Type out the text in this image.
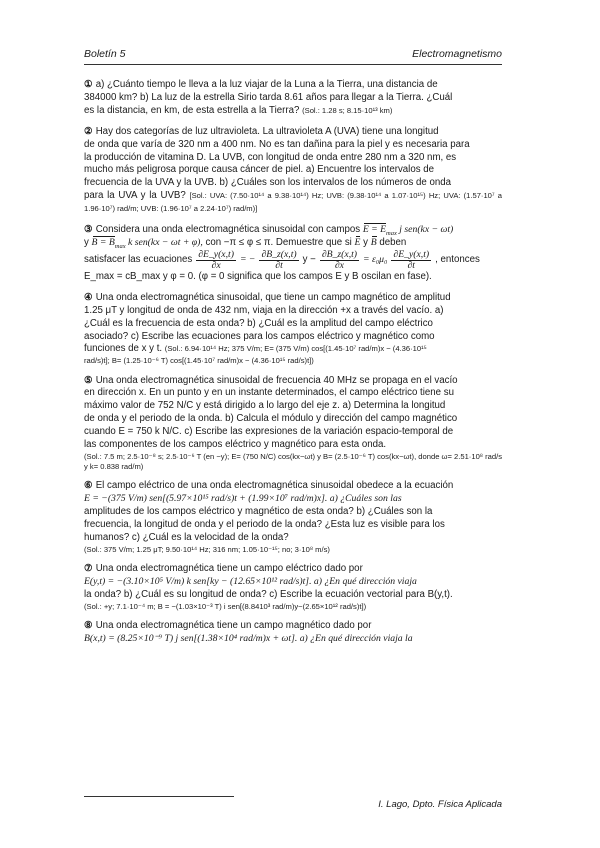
Boletín 5	Electromagnetismo
① a) ¿Cuánto tiempo le lleva a la luz viajar de la Luna a la Tierra, una distancia de
384000 km? b) La luz de la estrella Sirio tarda 8.61 años para llegar a la Tierra. ¿Cuál
es la distancia, en km, de esta estrella a la Tierra? (Sol.: 1.28 s; 8.15·10¹³ km)
② Hay dos categorías de luz ultravioleta. La ultravioleta A (UVA) tiene una longitud
de onda que varía de 320 nm a 400 nm. No es tan dañina para la piel y es necesaria para
la producción de vitamina D. La UVB, con longitud de onda entre 280 nm a 320 nm, es
mucho más peligrosa porque causa cáncer de piel. a) Encuentre los intervalos de
frecuencia de la UVA y la UVB. b) ¿Cuáles son los intervalos de los números de onda
para la UVA y la UVB? [Sol.: UVA: (7.50·10¹⁴ a 9.38·10¹⁴) Hz; UVB: (9.38·10¹⁴ a 1.07·10¹⁵) Hz; UVA: (1.57·10⁷ a 1.96·10⁷) rad/m; UVB: (1.96·10⁷ a 2.24·10⁷) rad/m)]
③ Considera una onda electromagnética sinusoidal con campos $E = E_{max}$ j sen(kx − ωt)
y $B = B_{max}$ k sen(kx − ωt + φ), con −π ≤ φ ≤ π. Demuestre que si E y B deben
satisfacer las ecuaciones $\frac{\partial E\_y(x,t)}{\partial x}$ = − $\frac{\partial B\_z(x,t)}{\partial t}$ $y - \frac{\partial B\_z(x,t)}{\partial x} = \varepsilon_0\mu_0 \frac{\partial E\_y(x,t)}{\partial t}$ , entonces
E_max = cB_max y φ = 0. (φ = 0 significa que los campos E y B oscilan en fase).
④ Una onda electromagnética sinusoidal, que tiene un campo magnético de amplitud
1.25 μT y longitud de onda de 432 nm, viaja en la dirección +x a través del vacío. a)
¿Cuál es la frecuencia de esta onda? b) ¿Cuál es la amplitud del campo eléctrico
asociado? c) Escribe las ecuaciones para los campos eléctrico y magnético como
funciones de x y t. (Sol.: 6.94·10¹⁴ Hz; 375 V/m; E= (375 V/m) cos[(1.45·10⁷ rad/m)x − (4.36·10¹⁵
rad/s)t]; B= (1.25·10⁻⁶ T) cos[(1.45·10⁷ rad/m)x − (4.36·10¹⁵ rad/s)t])
⑤ Una onda electromagnética sinusoidal de frecuencia 40 MHz se propaga en el vacío
en dirección x. En un punto y en un instante determinados, el campo eléctrico tiene su
máximo valor de 752 N/C y está dirigido a lo largo del eje z. a) Determina la longitud
de onda y el periodo de la onda. b) Calcula el módulo y dirección del campo magnético
cuando E = 750 k N/C. c) Escribe las expresiones de la variación espacio-temporal de
las componentes de los campos eléctrico y magnético para esta onda.
(Sol.: 7.5 m; 2.5·10⁻⁸ s; 2.5·10⁻⁶ T (en −y); E= (750 N/C) cos(kx−ωt) y B= (2.5·10⁻⁶ T) cos(kx−ωt), donde ω= 2.51·10⁸ rad/s y k= 0.838 rad/m)
⑥ El campo eléctrico de una onda electromagnética sinusoidal obedece a la ecuación
E = −(375 V/m) sen[(5.97×10¹⁵ rad/s)t + (1.99×10⁷ rad/m)x]. a) ¿Cuáles son las
amplitudes de los campos eléctrico y magnético de esta onda? b) ¿Cuáles son la
frecuencia, la longitud de onda y el periodo de la onda? ¿Esta luz es visible para los
humanos? c) ¿Cuál es la velocidad de la onda?
(Sol.: 375 V/m; 1.25 μT; 9.50·10¹⁴ Hz; 316 nm; 1.05·10⁻¹⁵; no; 3·10⁸ m/s)
⑦ Una onda electromagnética tiene un campo eléctrico dado por
E(y,t) = −(3.10×10⁵ V/m) k sen[ky − (12.65×10¹² rad/s)t]. a) ¿En qué dirección viaja
la onda? b) ¿Cuál es su longitud de onda? c) Escribe la ecuación vectorial para B(y,t).
(Sol.: +y; 7.1·10⁻⁴ m; B = −(1.03×10⁻³ T) i sen[(8.8410³ rad/m)y−(2.65×10¹² rad/s)t])
⑧ Una onda electromagnética tiene un campo magnético dado por
B(x,t) = (8.25×10⁻⁹ T) j sen[(1.38×10⁴ rad/m)x + ωt]. a) ¿En qué dirección viaja la
I. Lago, Dpto. Física Aplicada
